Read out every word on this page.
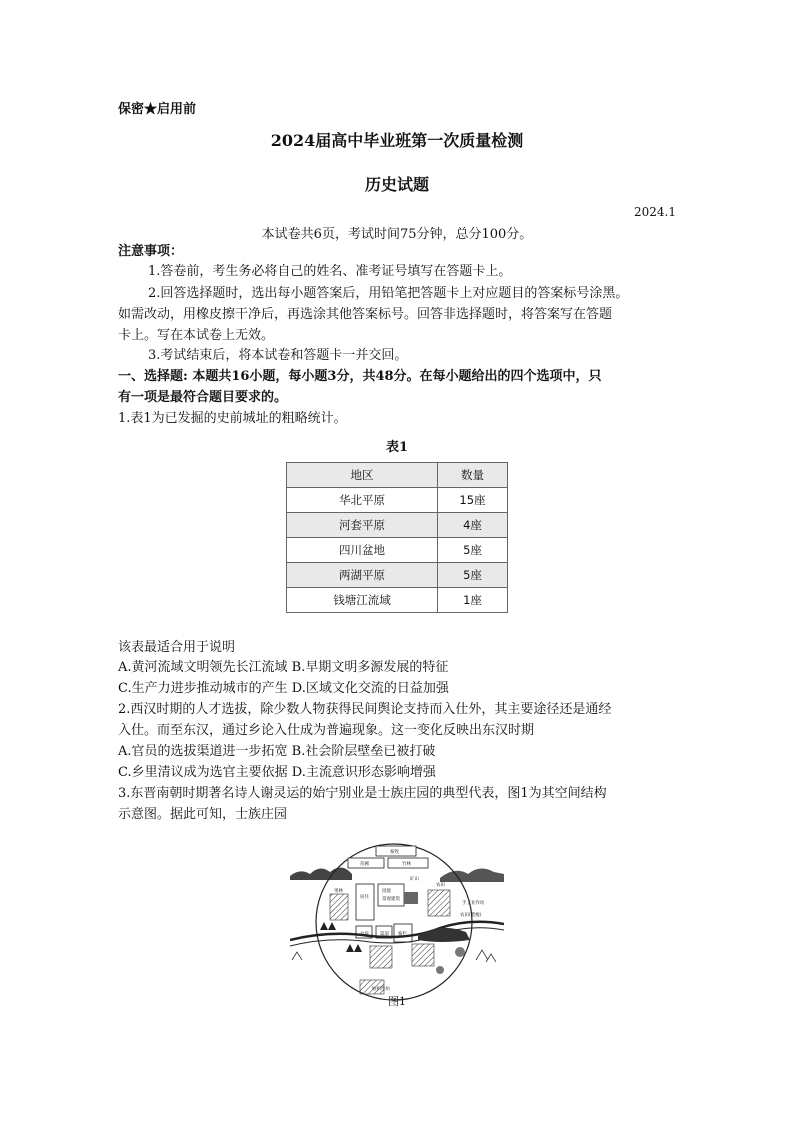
保密★启用前
2024届高中毕业班第一次质量检测
历史试题
2024.1
本试卷共6页，考试时间75分钟，总分100分。
注意事项：
1.答卷前，考生务必将自己的姓名、准考证号填写在答题卡上。
2.回答选择题时，选出每小题答案后，用铅笔把答题卡上对应题目的答案标号涂黑。
如需改动，用橡皮擦干净后，再选涂其他答案标号。回答非选择题时，将答案写在答题
卡上。写在本试卷上无效。
3.考试结束后，将本试卷和答题卡一并交回。
一、选择题: 本题共16小题，每小题3分，共48分。在每小题给出的四个选项中，只
有一项是最符合题目要求的。
1.表1为已发掘的史前城址的粗略统计。
表1
地区	数量
华北平原	15座
河套平原	4座
四川盆地	5座
两湖平原	5座
钱塘江流域	1座
该表最适合用于说明
A.黄河流域文明领先长江流域 B.早期文明多源发展的特征
C.生产力进步推动城市的产生 D.区域文化交流的日益加强
2.西汉时期的人才选拔，除少数人物获得民间舆论支持而入仕外，其主要途径还是通经
入仕。而至东汉，通过乡论入仕成为普遍现象。这一变化反映出东汉时期
A.官员的选拔渠道进一步拓宽 B.社会阶层壁垒已被打破
C.乡里清议成为选官主要依据 D.主流意识形态影响增强
3.东晋南朝时期著名诗人谢灵运的始宁别业是士族庄园的典型代表，图1为其空间结构
示意图。据此可知，士族庄园
畜牧
苗圃	竹林
矿山
果林
居住
园庭
景观建筑
农田
手工业作坊
仓库 渠道 畜栏
农田(肥瘦)
纺织作坊
图1
